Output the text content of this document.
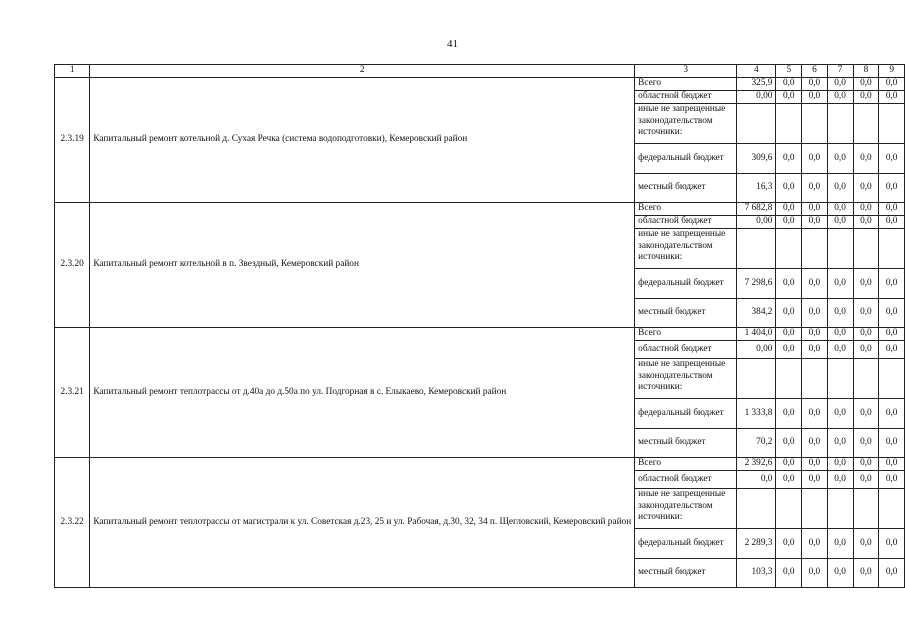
41
1	2	3	4	5	6	7	8	9
2.3.19	Капитальный ремонт котельной д. Сухая Речка (система водоподготовки), Кемеровский район	Всего	325,9	0,0	0,0	0,0	0,0	0,0
		областной бюджет	0,00	0,0	0,0	0,0	0,0	0,0
		иные не запрещенные законодательством источники:						
		федеральный бюджет	309,6	0,0	0,0	0,0	0,0	0,0
		местный бюджет	16,3	0,0	0,0	0,0	0,0	0,0
2.3.20	Капитальный ремонт котельной в п. Звездный, Кемеровский район	Всего	7 682,8	0,0	0,0	0,0	0,0	0,0
		областной бюджет	0,00	0,0	0,0	0,0	0,0	0,0
		иные не запрещенные законодательством источники:						
		федеральный бюджет	7 298,6	0,0	0,0	0,0	0,0	0,0
		местный бюджет	384,2	0,0	0,0	0,0	0,0	0,0
2.3.21	Капитальный ремонт теплотрассы от д.40а до д.50а по ул. Подгорная в с. Елыкаево, Кемеровский район	Всего	1 404,0	0,0	0,0	0,0	0,0	0,0
		областной бюджет	0,00	0,0	0,0	0,0	0,0	0,0
		иные не запрещенные законодательством источники:						
		федеральный бюджет	1 333,8	0,0	0,0	0,0	0,0	0,0
		местный бюджет	70,2	0,0	0,0	0,0	0,0	0,0
2.3.22	Капитальный ремонт теплотрассы от магистрали к ул. Советская д.23, 25 и ул. Рабочая, д.30, 32, 34 п. Щегловский, Кемеровский район	Всего	2 392,6	0,0	0,0	0,0	0,0	0,0
		областной бюджет	0,0	0,0	0,0	0,0	0,0	0,0
		иные не запрещенные законодательством источники:						
		федеральный бюджет	2 289,3	0,0	0,0	0,0	0,0	0,0
		местный бюджет	103,3	0,0	0,0	0,0	0,0	0,0
